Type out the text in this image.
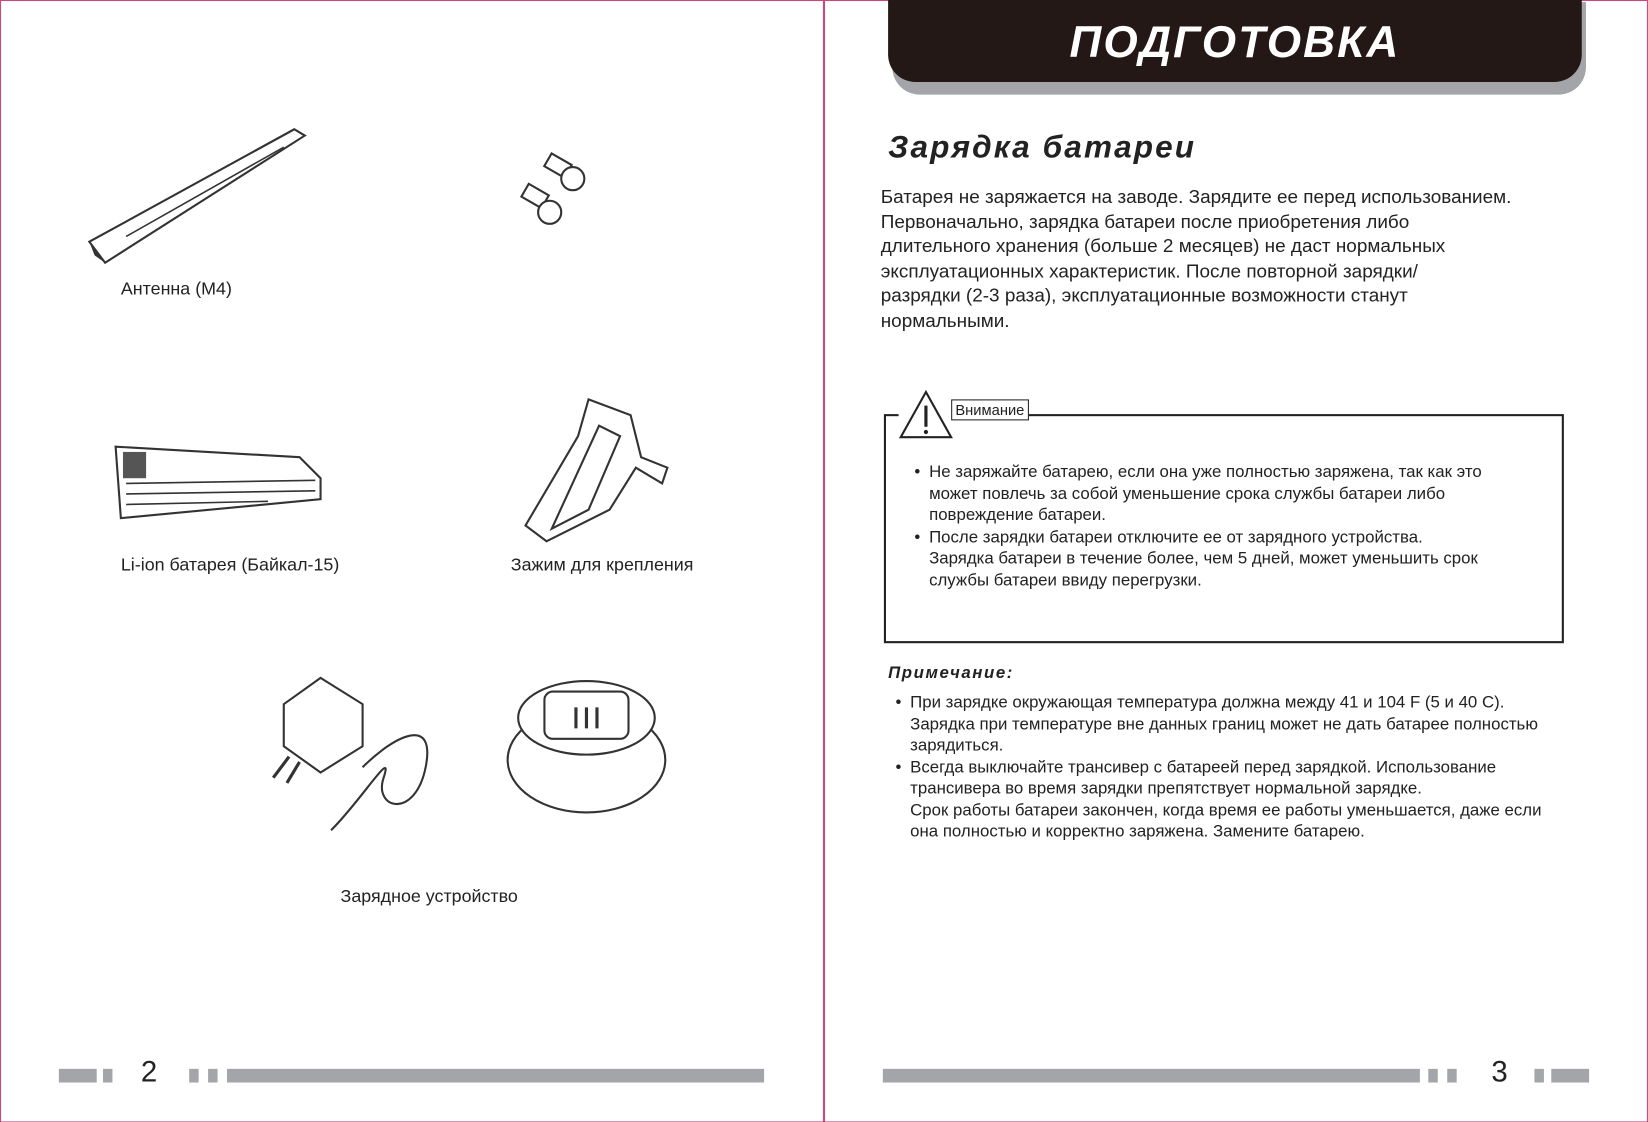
Антенна (М4)
Li-ion батарея (Байкал-15)	Зажим для крепления
Зарядное устройство
2
ПОДГОТОВКА
Зарядка батареи
Батарея не заряжается на заводе. Зарядите ее перед использованием.
Первоначально, зарядка батареи после приобретения либо
длительного хранения (больше 2 месяцев) не даст нормальных
эксплуатационных характеристик. После повторной зарядки/
разрядки (2-3 раза), эксплуатационные возможности станут
нормальными.
Внимание
• Не заряжайте батарею, если она уже полностью заряжена, так как это
может повлечь за собой уменьшение срока службы батареи либо
повреждение батареи.
• После зарядки батареи отключите ее от зарядного устройства.
Зарядка батареи в течение более, чем 5 дней, может уменьшить срок
службы батареи ввиду перегрузки.
Примечание:
• При зарядке окружающая температура должна между 41 и 104 F (5 и 40 C).
Зарядка при температуре вне данных границ может не дать батарее полностью
зарядиться.
• Всегда выключайте трансивер с батареей перед зарядкой. Использование
трансивера во время зарядки препятствует нормальной зарядке.
Срок работы батареи закончен, когда время ее работы уменьшается, даже если
она полностью и корректно заряжена. Замените батарею.
3
